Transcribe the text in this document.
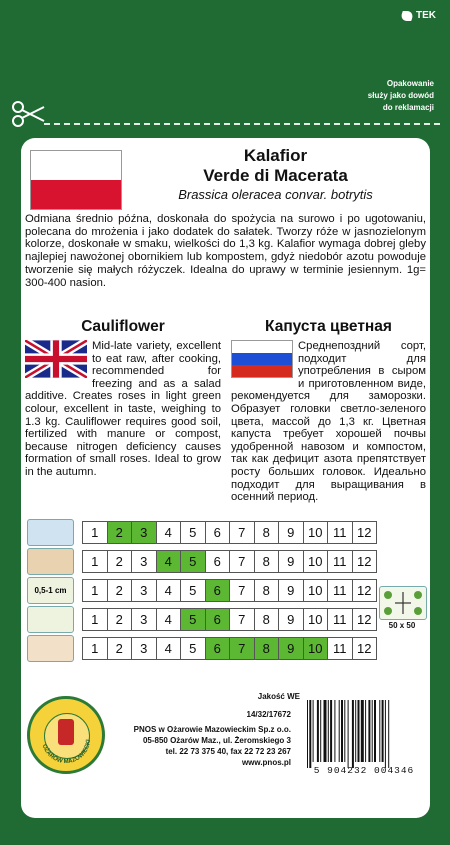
TEK
Opakowanie
służy jako dowód
do reklamacji
Kalafior
Verde di Macerata
Brassica oleracea convar. botrytis
Odmiana średnio późna, doskonała do spożycia na surowo i po ugotowaniu, polecana do mrożenia i jako dodatek do sałatek. Tworzy róże w jasnozielonym kolorze, doskonałe w smaku, wielkości do 1,3 kg. Kalafior wymaga dobrej gleby najlepiej nawożonej obornikiem lub kompostem, gdyż niedobór azotu powoduje tworzenie się małych różyczek. Idealna do uprawy w terminie jesiennym. 1g= 300-400 nasion.
Cauliflower
Mid-late variety, excellent to eat raw, after cooking, recommended for freezing and as a salad additive. Creates roses in light green colour, excellent in taste, weighing to 1.3 kg. Cauliflower requires good soil, fertilized with manure or compost, because nitrogen deficiency causes formation of small roses. Ideal to grow in the autumn.
Капуста цветная
Среднепоздний сорт, подходит для употребления в сыром и приготовленном виде, рекомендуется для заморозки. Образует головки светло-зеленого цвета, массой до 1,3 кг. Цветная капуста требует хорошей почвы удобренной навозом и компостом, так как дефицит азота препятствует росту больших головок. Идеально подходит для выращивания в осенний период.
1	2	3	4	5	6	7	8	9	10 11 12
1	2	3	4	5	6	7	8	9	10 11 12
0,5-1 cm	1	2	3	4	5	6	7	8	9	10 11 12
1	2	3	4	5	6	7	8	9	10 11 12
1	2	3	4	5	6	7	8	9	10 11 12
50 x 50
OŻARÓW MAZOWIECKI
Jakość WE
14/32/17672
PNOS w Ożarowie Mazowieckim Sp.z o.o.
05-850 Ożarów Maz., ul. Żeromskiego 3
tel. 22 73 375 40, fax 22 72 23 267
www.pnos.pl
5 904232 004346
